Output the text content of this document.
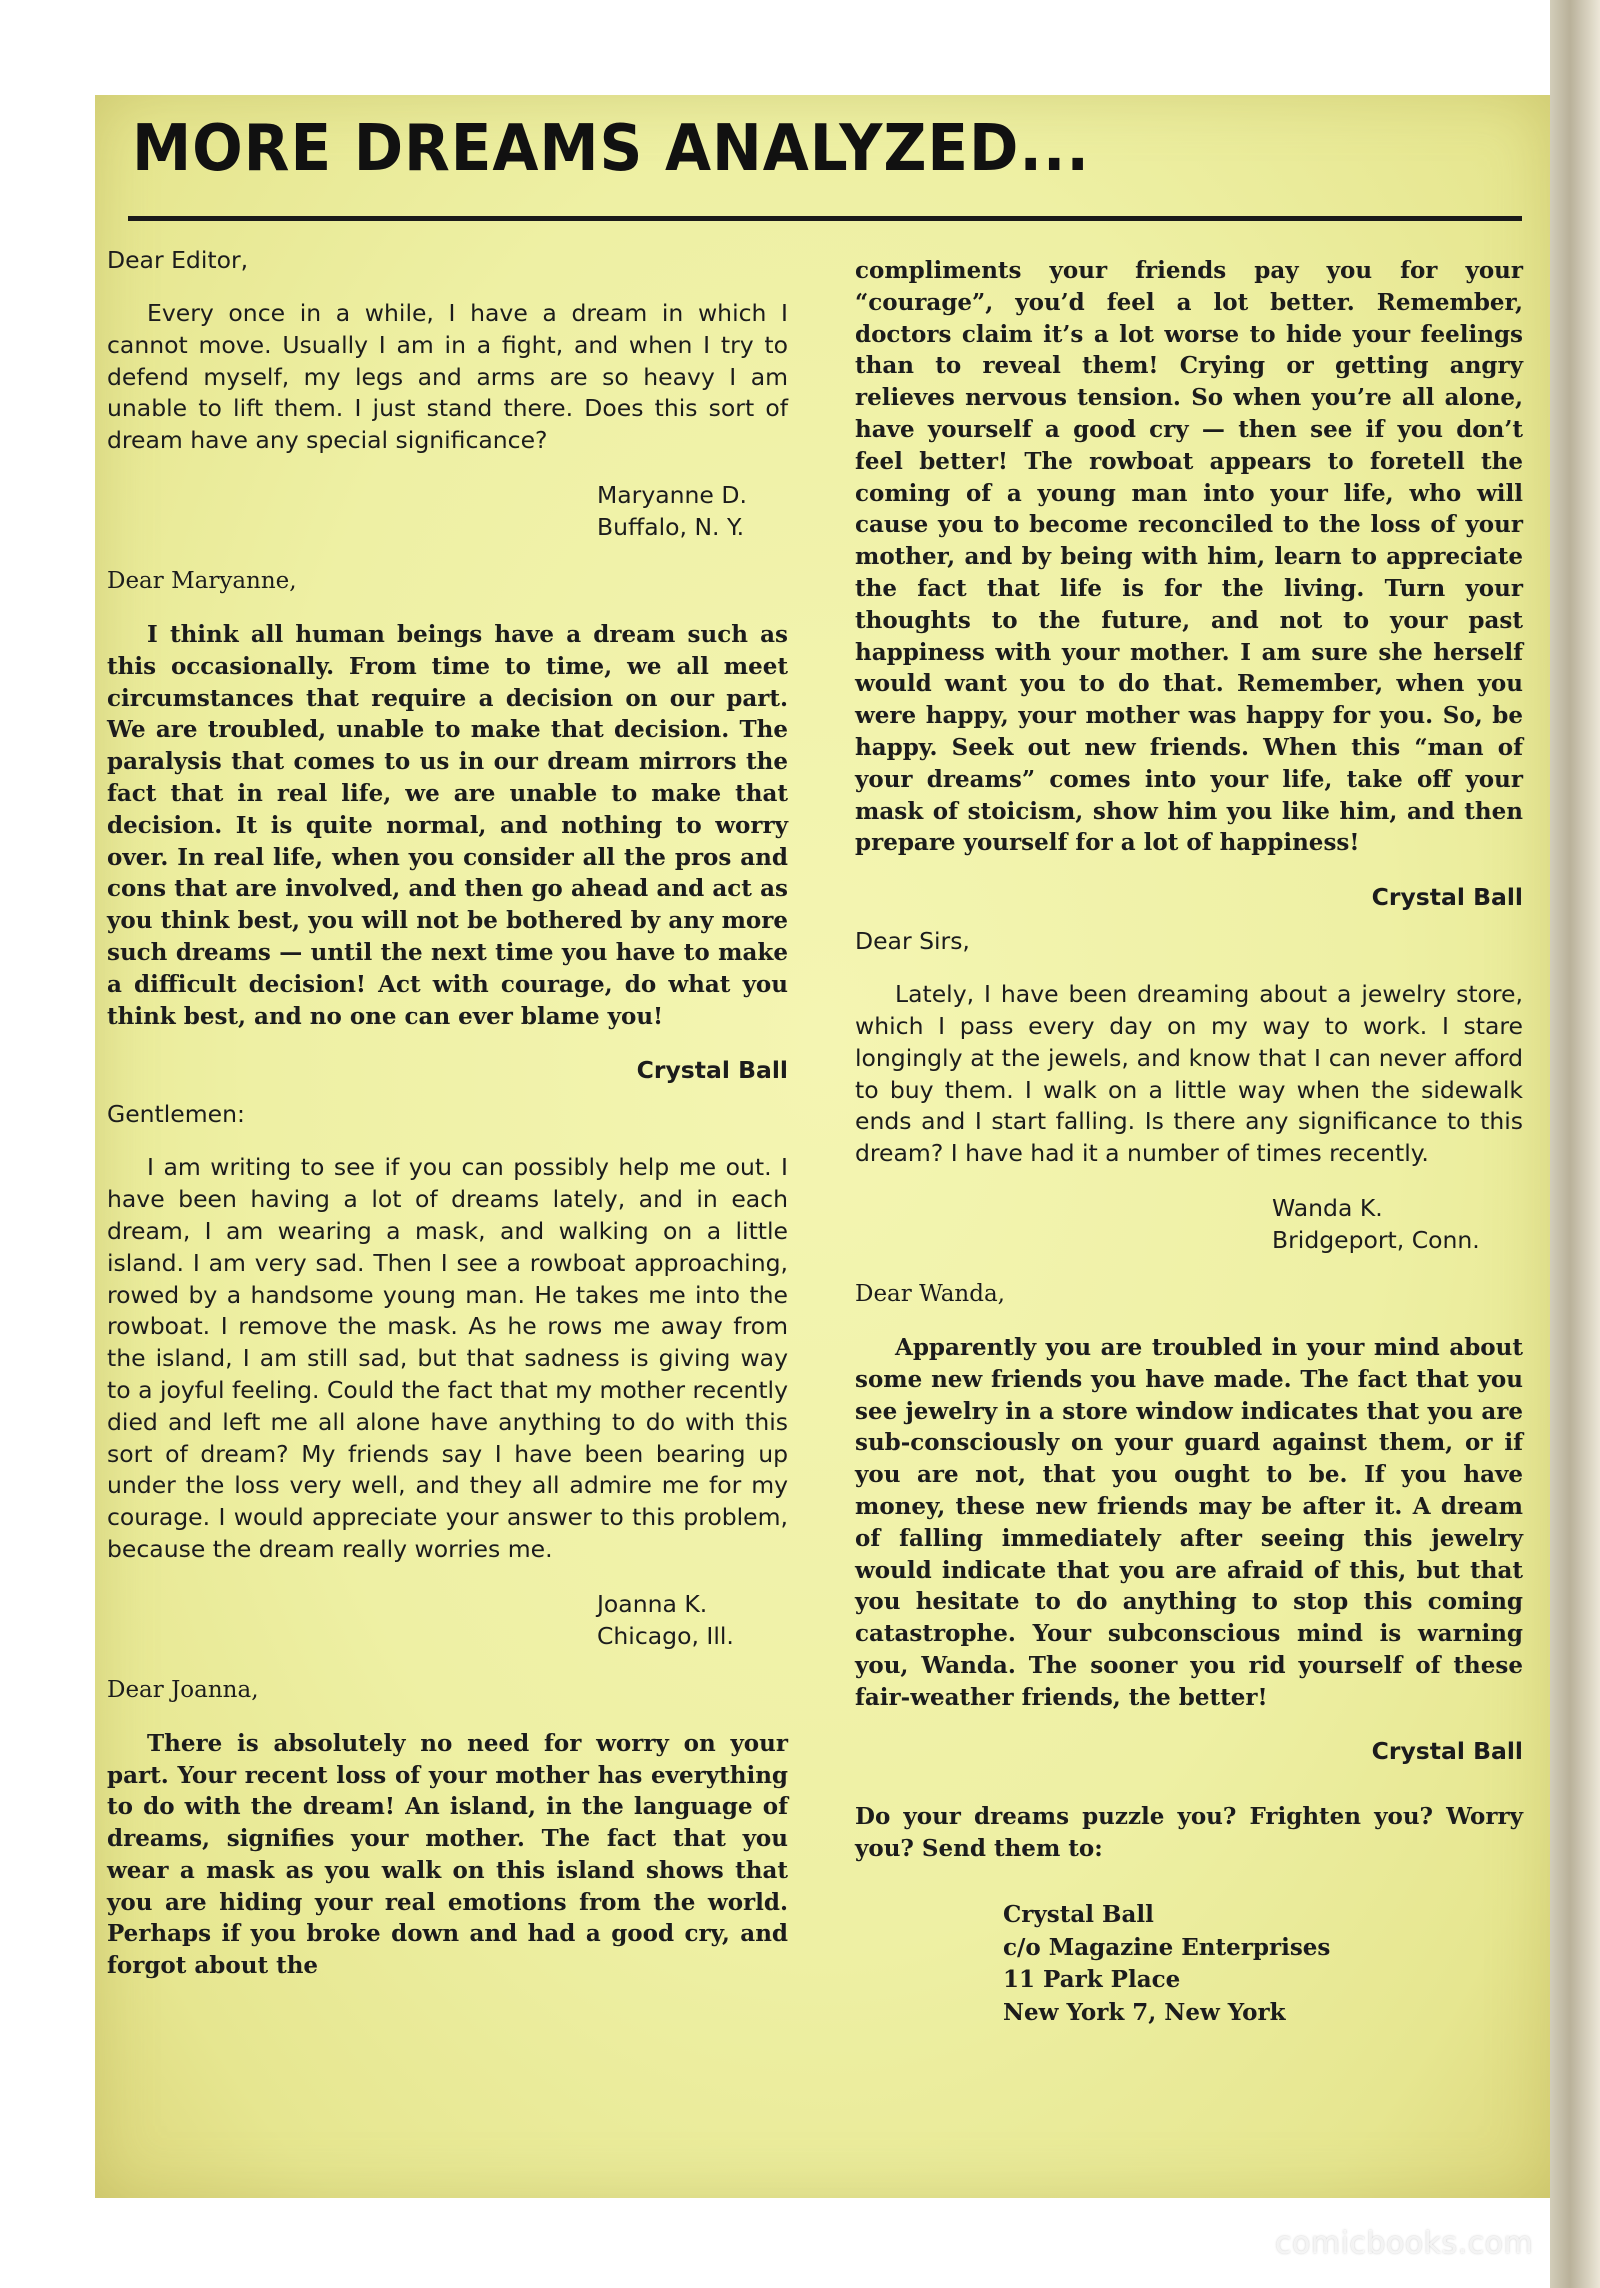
MORE DREAMS ANALYZED...

Dear Editor,

Every once in a while, I have a dream in which I cannot move. Usually I am in a fight, and when I try to defend myself, my legs and arms are so heavy I am unable to lift them. I just stand there. Does this sort of dream have any special significance?

Maryanne D.
Buffalo, N. Y.

Dear Maryanne,

I think all human beings have a dream such as this occasionally. From time to time, we all meet circumstances that require a decision on our part. We are troubled, unable to make that decision. The paralysis that comes to us in our dream mirrors the fact that in real life, we are unable to make that decision. It is quite normal, and nothing to worry over. In real life, when you consider all the pros and cons that are involved, and then go ahead and act as you think best, you will not be bothered by any more such dreams — until the next time you have to make a difficult decision! Act with courage, do what you think best, and no one can ever blame you!

Crystal Ball

Gentlemen:

I am writing to see if you can possibly help me out. I have been having a lot of dreams lately, and in each dream, I am wearing a mask, and walking on a little island. I am very sad. Then I see a rowboat approaching, rowed by a handsome young man. He takes me into the rowboat. I remove the mask. As he rows me away from the island, I am still sad, but that sadness is giving way to a joyful feeling. Could the fact that my mother recently died and left me all alone have anything to do with this sort of dream? My friends say I have been bearing up under the loss very well, and they all admire me for my courage. I would appreciate your answer to this problem, because the dream really worries me.

Joanna K.
Chicago, Ill.

Dear Joanna,

There is absolutely no need for worry on your part. Your recent loss of your mother has everything to do with the dream! An island, in the language of dreams, signifies your mother. The fact that you wear a mask as you walk on this island shows that you are hiding your real emotions from the world. Perhaps if you broke down and had a good cry, and forgot about the

compliments your friends pay you for your “courage”, you’d feel a lot better. Remember, doctors claim it’s a lot worse to hide your feelings than to reveal them! Crying or getting angry relieves nervous tension. So when you’re all alone, have yourself a good cry — then see if you don’t feel better! The rowboat appears to foretell the coming of a young man into your life, who will cause you to become reconciled to the loss of your mother, and by being with him, learn to appreciate the fact that life is for the living. Turn your thoughts to the future, and not to your past happiness with your mother. I am sure she herself would want you to do that. Remember, when you were happy, your mother was happy for you. So, be happy. Seek out new friends. When this “man of your dreams” comes into your life, take off your mask of stoicism, show him you like him, and then prepare yourself for a lot of happiness!

Crystal Ball

Dear Sirs,

Lately, I have been dreaming about a jewelry store, which I pass every day on my way to work. I stare longingly at the jewels, and know that I can never afford to buy them. I walk on a little way when the sidewalk ends and I start falling. Is there any significance to this dream? I have had it a number of times recently.

Wanda K.
Bridgeport, Conn.

Dear Wanda,

Apparently you are troubled in your mind about some new friends you have made. The fact that you see jewelry in a store window indicates that you are sub-consciously on your guard against them, or if you are not, that you ought to be. If you have money, these new friends may be after it. A dream of falling immediately after seeing this jewelry would indicate that you are afraid of this, but that you hesitate to do anything to stop this coming catastrophe. Your subconscious mind is warning you, Wanda. The sooner you rid yourself of these fair-weather friends, the better!

Crystal Ball

Do your dreams puzzle you? Frighten you? Worry you? Send them to:

Crystal Ball
c/o Magazine Enterprises
11 Park Place
New York 7, New York
comicbooks.com
